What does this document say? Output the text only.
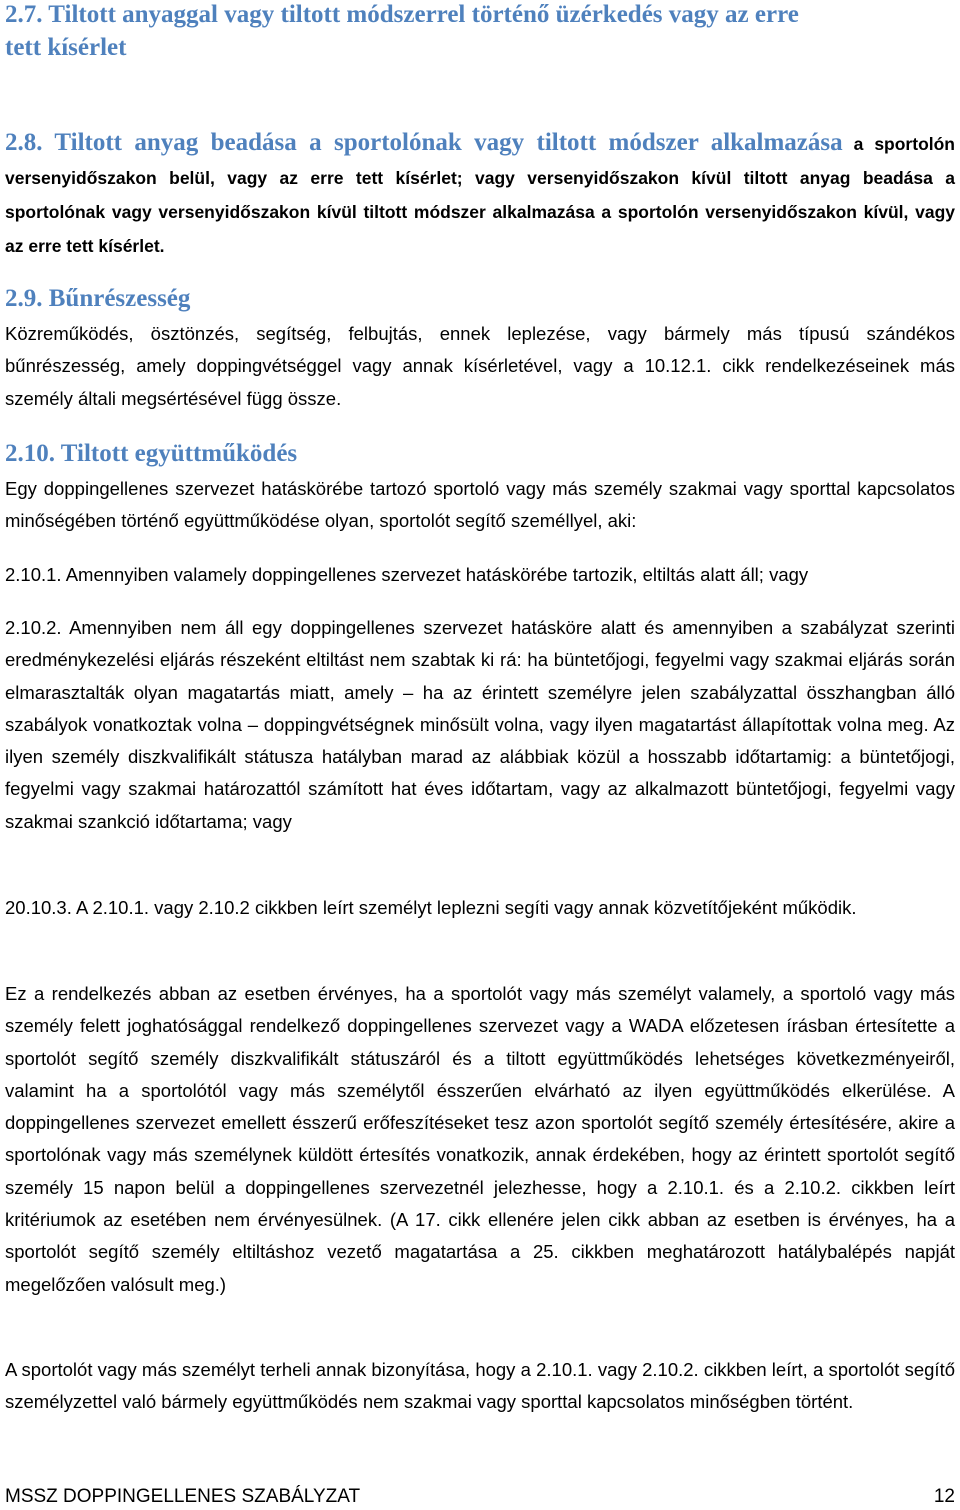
2.7. Tiltott anyaggal vagy tiltott módszerrel történő üzérkedés vagy az erre
tett kísérlet

2.8. Tiltott anyag beadása a sportolónak vagy tiltott módszer alkalmazása a sportolón versenyidőszakon belül, vagy az erre tett kísérlet; vagy versenyidőszakon kívül tiltott anyag beadása a sportolónak vagy versenyidőszakon kívül tiltott módszer alkalmazása a sportolón versenyidőszakon kívül, vagy az erre tett kísérlet.

2.9. Bűnrészesség

Közreműködés, ösztönzés, segítség, felbujtás, ennek leplezése, vagy bármely más típusú szándékos bűnrészesség, amely doppingvétséggel vagy annak kísérletével, vagy a 10.12.1. cikk rendelkezéseinek más személy általi megsértésével függ össze.

2.10. Tiltott együttműködés

Egy doppingellenes szervezet hatáskörébe tartozó sportoló vagy más személy szakmai vagy sporttal kapcsolatos minőségében történő együttműködése olyan, sportolót segítő személlyel, aki:

2.10.1. Amennyiben valamely doppingellenes szervezet hatáskörébe tartozik, eltiltás alatt áll; vagy

2.10.2. Amennyiben nem áll egy doppingellenes szervezet hatásköre alatt és amennyiben a szabályzat szerinti eredménykezelési eljárás részeként eltiltást nem szabtak ki rá: ha büntetőjogi, fegyelmi vagy szakmai eljárás során elmarasztalták olyan magatartás miatt, amely – ha az érintett személyre jelen szabályzattal összhangban álló szabályok vonatkoztak volna – doppingvétségnek minősült volna, vagy ilyen magatartást állapítottak volna meg. Az ilyen személy diszkvalifikált státusza hatályban marad az alábbiak közül a hosszabb időtartamig: a büntetőjogi, fegyelmi vagy szakmai határozattól számított hat éves időtartam, vagy az alkalmazott büntetőjogi, fegyelmi vagy szakmai szankció időtartama; vagy

20.10.3. A 2.10.1. vagy 2.10.2 cikkben leírt személyt leplezni segíti vagy annak közvetítőjeként működik.

Ez a rendelkezés abban az esetben érvényes, ha a sportolót vagy más személyt valamely, a sportoló vagy más személy felett joghatósággal rendelkező doppingellenes szervezet vagy a WADA előzetesen írásban értesítette a sportolót segítő személy diszkvalifikált státuszáról és a tiltott együttműködés lehetséges következményeiről, valamint ha a sportolótól vagy más személytől ésszerűen elvárható az ilyen együttműködés elkerülése. A doppingellenes szervezet emellett ésszerű erőfeszítéseket tesz azon sportolót segítő személy értesítésére, akire a sportolónak vagy más személynek küldött értesítés vonatkozik, annak érdekében, hogy az érintett sportolót segítő személy 15 napon belül a doppingellenes szervezetnél jelezhesse, hogy a 2.10.1. és a 2.10.2. cikkben leírt kritériumok az esetében nem érvényesülnek. (A 17. cikk ellenére jelen cikk abban az esetben is érvényes, ha a sportolót segítő személy eltiltáshoz vezető magatartása a 25. cikkben meghatározott hatálybalépés napját megelőzően valósult meg.)

A sportolót vagy más személyt terheli annak bizonyítása, hogy a 2.10.1. vagy 2.10.2. cikkben leírt, a sportolót segítő személyzettel való bármely együttműködés nem szakmai vagy sporttal kapcsolatos minőségben történt.

MSSZ DOPPINGELLENES SZABÁLYZAT	12
